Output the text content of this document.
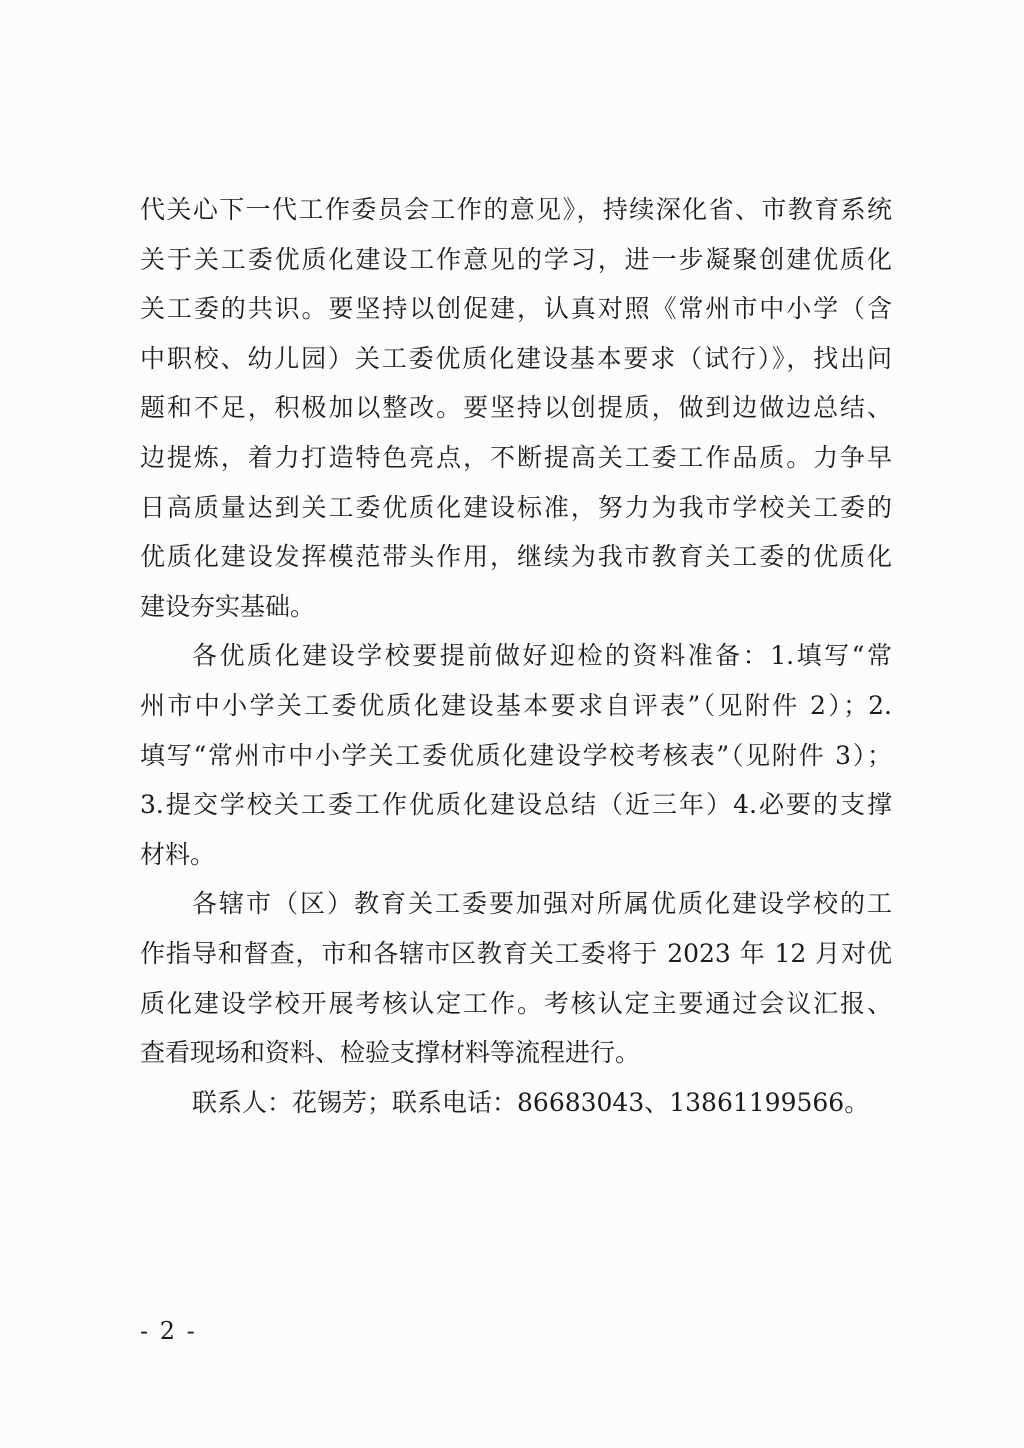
代关心下一代工作委员会工作的意见》，持续深化省、市教育系统
关于关工委优质化建设工作意见的学习，进一步凝聚创建优质化
关工委的共识。要坚持以创促建，认真对照《常州市中小学（含
中职校、幼儿园）关工委优质化建设基本要求（试行）》，找出问
题和不足，积极加以整改。要坚持以创提质，做到边做边总结、
边提炼，着力打造特色亮点，不断提高关工委工作品质。力争早
日高质量达到关工委优质化建设标准，努力为我市学校关工委的
优质化建设发挥模范带头作用，继续为我市教育关工委的优质化
建设夯实基础。
各优质化建设学校要提前做好迎检的资料准备：1.填写“常
州市中小学关工委优质化建设基本要求自评表”（见附件 2）；2.
填写“常州市中小学关工委优质化建设学校考核表”（见附件 3）；
3.提交学校关工委工作优质化建设总结（近三年）4.必要的支撑
材料。
各辖市（区）教育关工委要加强对所属优质化建设学校的工
作指导和督查，市和各辖市区教育关工委将于 2023 年 12 月对优
质化建设学校开展考核认定工作。考核认定主要通过会议汇报、
查看现场和资料、检验支撑材料等流程进行。
联系人：花锡芳；联系电话：86683043、13861199566。
- 2 -
